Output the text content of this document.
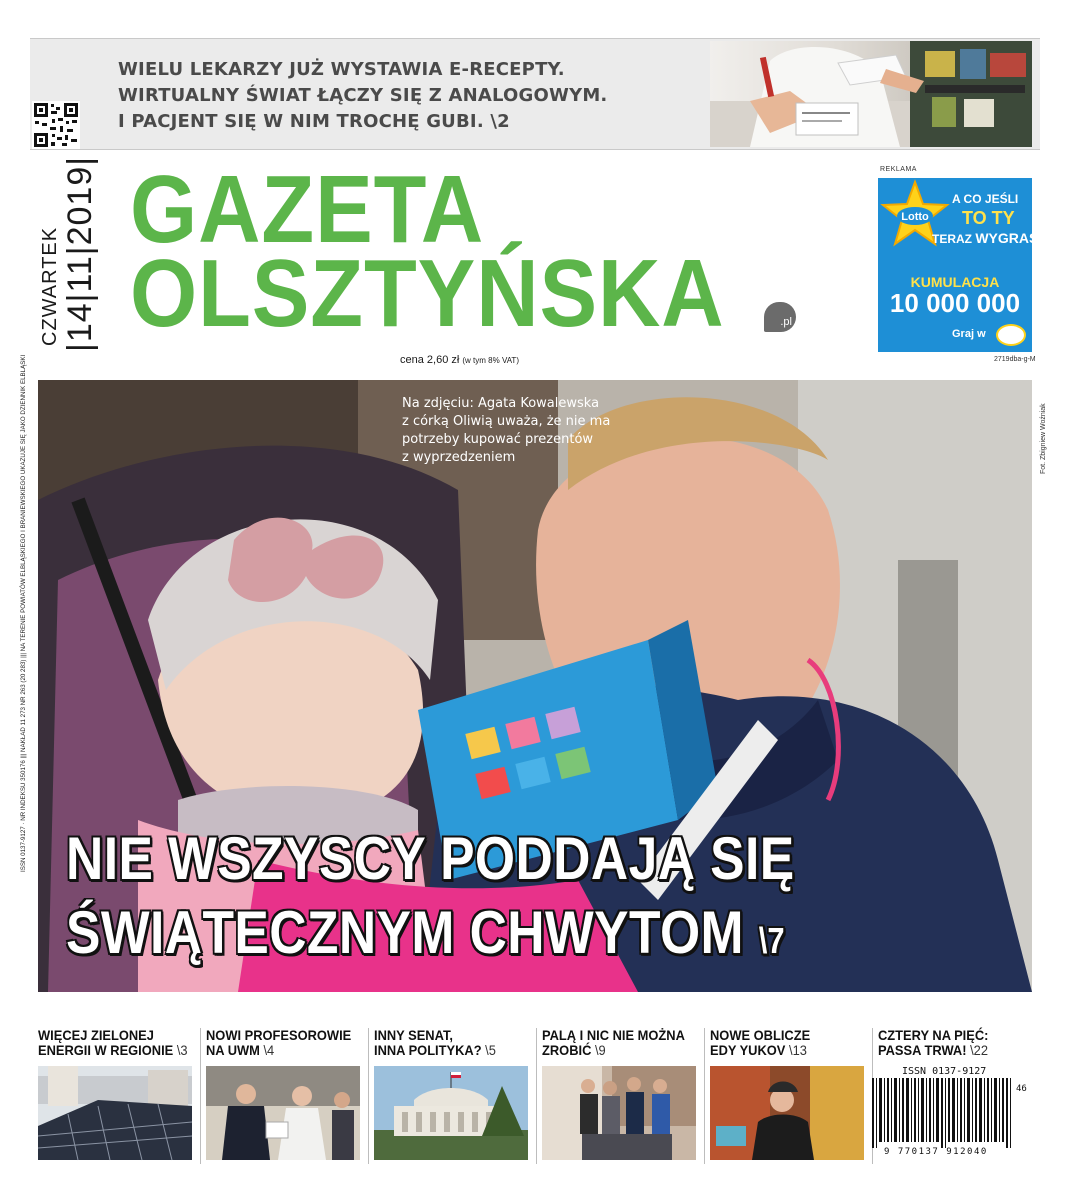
WIELU LEKARZY JUŻ WYSTAWIA E-RECEPTY.
WIRTUALNY ŚWIAT ŁĄCZY SIĘ Z ANALOGOWYM.
I PACJENT SIĘ W NIM TROCHĘ GUBI. \2
CZWARTEK |14|11|2019| GAZETA
OLSZTYŃSKA	.pl
cena 2,60 zł (w tym 8% VAT)
REKLAMA
Lotto
A CO JEŚLI
TO TY
TERAZ WYGRASZ?
KUMULACJA
10 000 000
Graj w
2719dba-g-M
ISSN 0137-9127 · NR INDEKSU 350176 ||| NAKŁAD 11 273 NR 263 (20 283) ||| NA TERENIE POWIATÓW ELBLĄSKIEGO I BRANIEWSKIEGO UKAZUJE SIĘ JAKO DZIENNIK ELBLĄSKI	Na zdjęciu: Agata Kowalewska
z córką Oliwią uważa, że nie ma
potrzeby kupować prezentów
z wyprzedzeniem	Fot. Zbigniew Woźniak
NIE WSZYSCY PODDAJĄ SIĘ
ŚWIĄTECZNYM CHWYTOM \7
WIĘCEJ ZIELONEJ
ENERGII W REGIONIE \3
NOWI PROFESOROWIE
NA UWM \4
INNY SENAT,
INNA POLITYKA? \5
PALĄ I NIC NIE MOŻNA
ZROBIĆ \9
NOWE OBLICZE
EDY YUKOV \13
CZTERY NA PIĘĆ:
PASSA TRWA! \22
ISSN 0137-9127
46
9 770137 912040
